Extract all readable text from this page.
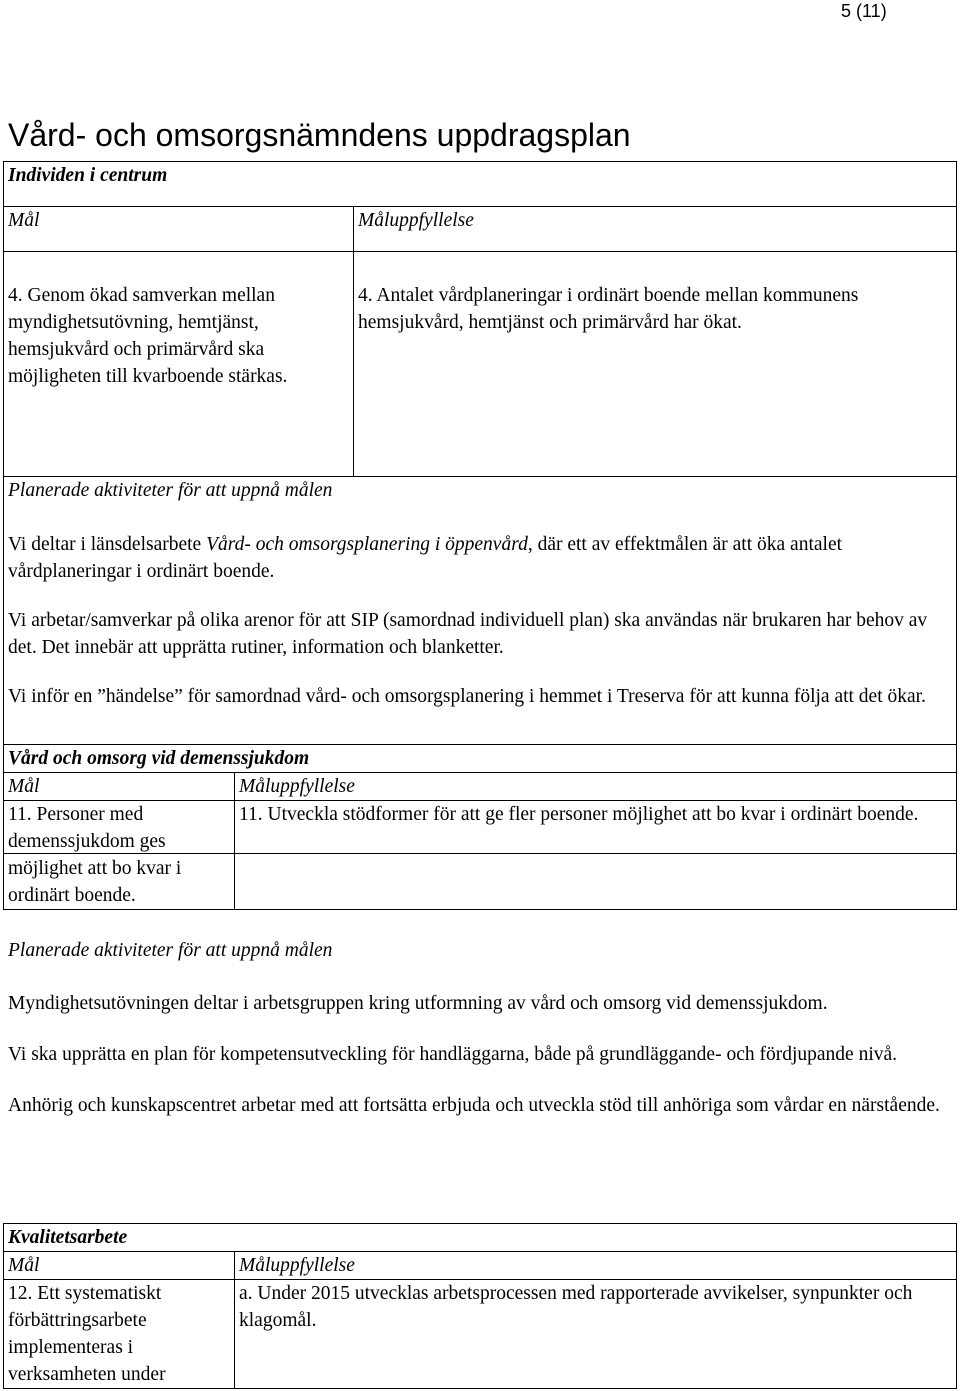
5 (11)
Vård- och omsorgsnämndens uppdragsplan
Individen i centrum	
Mål	Måluppfyllelse
4. Genom ökad samverkan mellan myndighetsutövning, hemtjänst, hemsjukvård och primärvård ska möjligheten till kvarboende stärkas.	4. Antalet vårdplaneringar i ordinärt boende mellan kommunens hemsjukvård, hemtjänst och primärvård har ökat.

Planerade aktiviteter för att uppnå målen

Vi deltar i länsdelsarbete Vård- och omsorgsplanering i öppenvård, där ett av effektmålen är att öka antalet vårdplaneringar i ordinärt boende.

Vi arbetar/samverkar på olika arenor för att SIP (samordnad individuell plan) ska användas när brukaren har behov av det. Det innebär att upprätta rutiner, information och blanketter.

Vi inför en ”händelse” för samordnad vård- och omsorgsplanering i hemmet i Treserva för att kunna följa att det ökar.	

Vård och omsorg vid demenssjukdom	
Mål	Måluppfyllelse
11. Personer med demenssjukdom ges möjlighet att bo kvar i ordinärt boende.	11. Utveckla stödformer för att ge fler personer möjlighet att bo kvar i ordinärt boende.
Planerade aktiviteter för att uppnå målen

Myndighetsutövningen deltar i arbetsgruppen kring utformning av vård och omsorg vid demenssjukdom.

Vi ska upprätta en plan för kompetensutveckling för handläggarna, både på grundläggande- och fördjupande nivå.

Anhörig och kunskapscentret arbetar med att fortsätta erbjuda och utveckla stöd till anhöriga som vårdar en närstående.

Kvalitetsarbete	
Mål	Måluppfyllelse
12. Ett systematiskt förbättringsarbete implementeras i verksamheten under	a. Under 2015 utvecklas arbetsprocessen med rapporterade avvikelser, synpunkter och klagomål.
